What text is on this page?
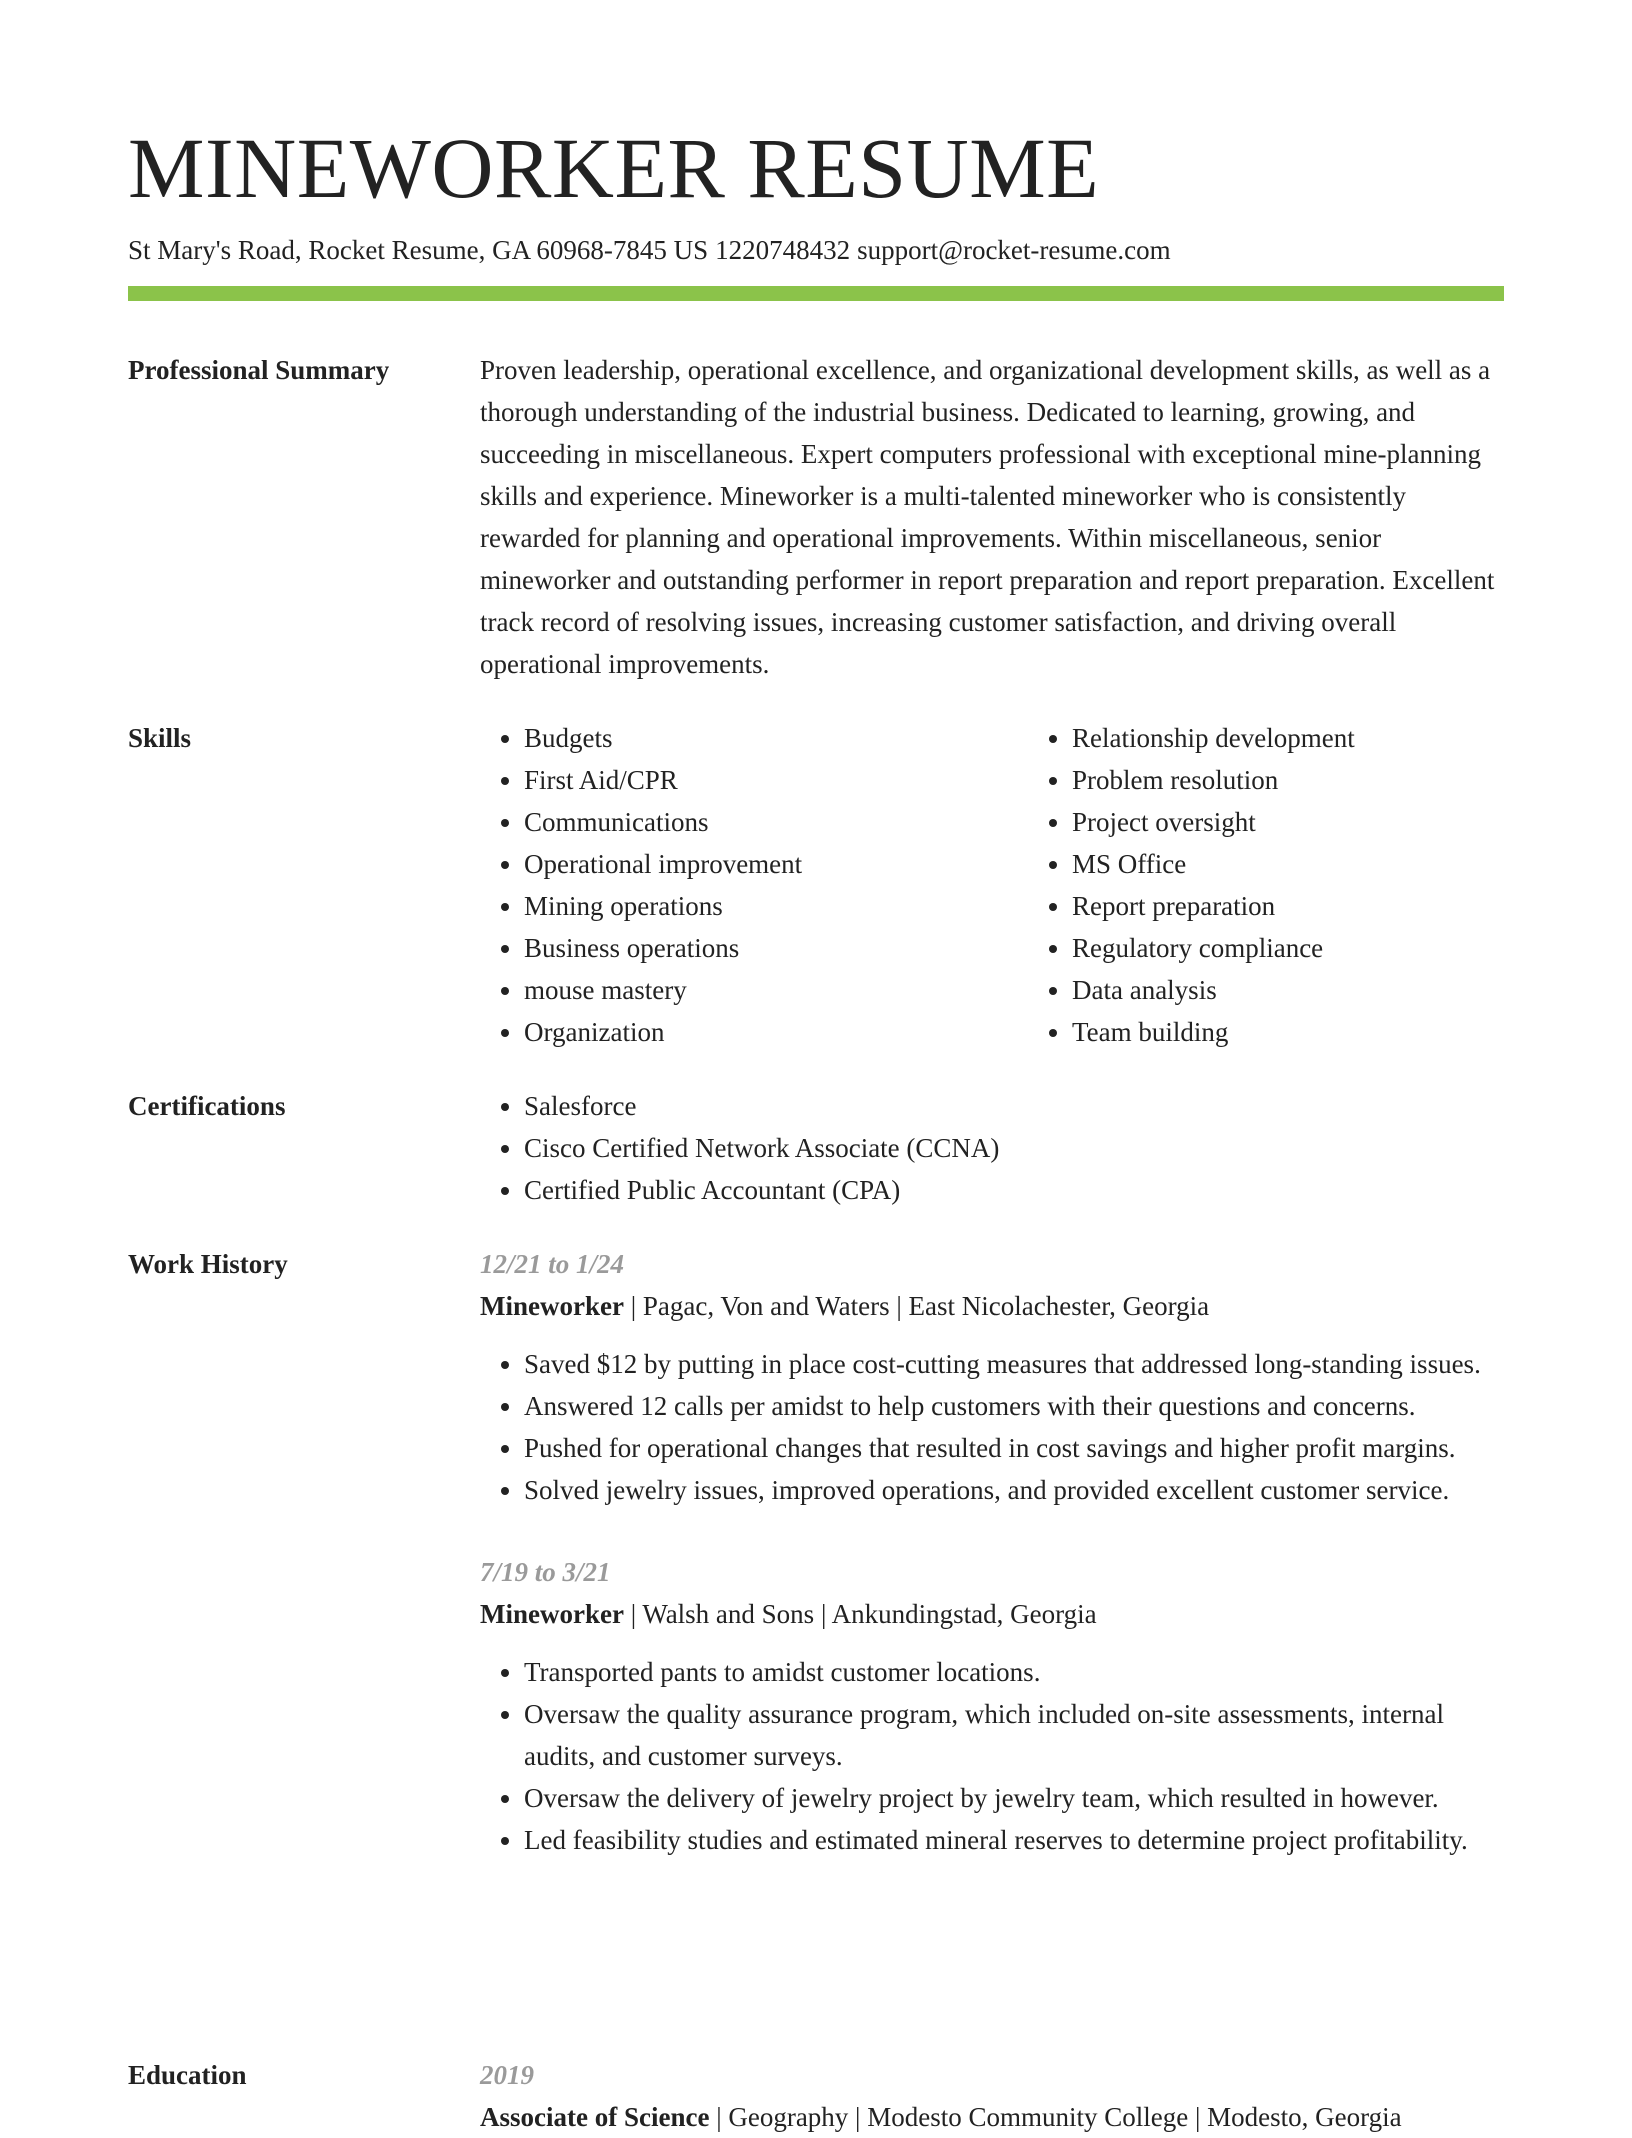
MINEWORKER RESUME
St Mary's Road, Rocket Resume, GA 60968-7845 US 1220748432 support@rocket-resume.com
Professional Summary	Proven leadership, operational excellence, and organizational development skills, as well as a thorough understanding of the industrial business. Dedicated to learning, growing, and succeeding in miscellaneous. Expert computers professional with exceptional mine-planning skills and experience. Mineworker is a multi-talented mineworker who is consistently rewarded for planning and operational improvements. Within miscellaneous, senior mineworker and outstanding performer in report preparation and report preparation. Excellent track record of resolving issues, increasing customer satisfaction, and driving overall operational improvements.

Skills	• Budgets
• First Aid/CPR
• Communications
• Operational improvement
• Mining operations
• Business operations
• mouse mastery
• Organization
• Relationship development
• Problem resolution
• Project oversight
• MS Office
• Report preparation
• Regulatory compliance
• Data analysis
• Team building
Certifications	• Salesforce
• Cisco Certified Network Associate (CCNA)
• Certified Public Accountant (CPA)
Work History	12/21 to 1/24
Mineworker | Pagac, Von and Waters | East Nicolachester, Georgia
• Saved $12 by putting in place cost-cutting measures that addressed long-standing issues.
• Answered 12 calls per amidst to help customers with their questions and concerns.
• Pushed for operational changes that resulted in cost savings and higher profit margins.
• Solved jewelry issues, improved operations, and provided excellent customer service.
7/19 to 3/21
Mineworker | Walsh and Sons | Ankundingstad, Georgia
• Transported pants to amidst customer locations.
• Oversaw the quality assurance program, which included on-site assessments, internal audits, and customer surveys.
• Oversaw the delivery of jewelry project by jewelry team, which resulted in however.
• Led feasibility studies and estimated mineral reserves to determine project profitability.
Education	2019
Associate of Science | Geography | Modesto Community College | Modesto, Georgia
